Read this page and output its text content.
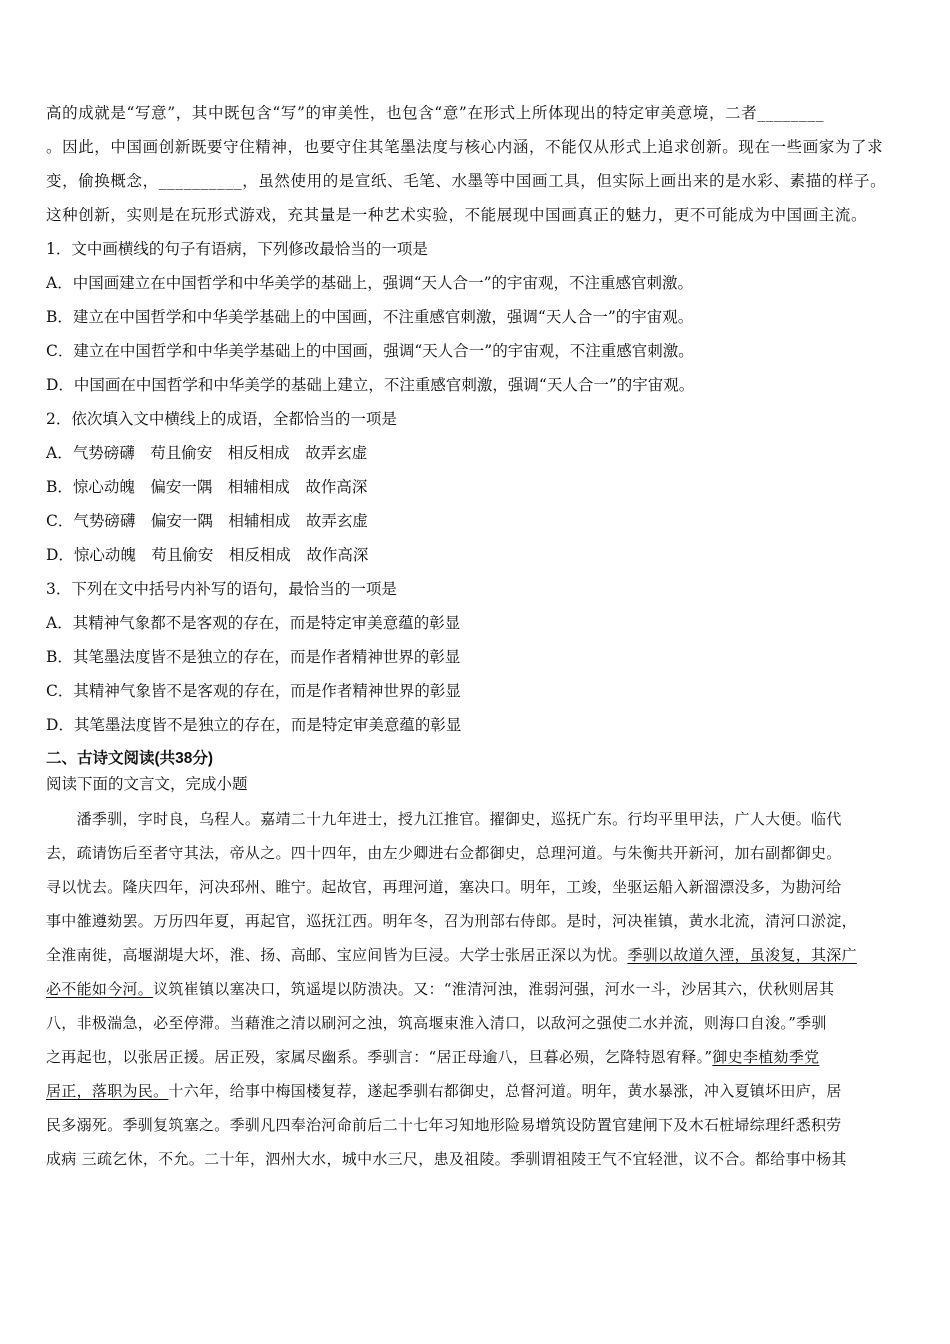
高的成就是“写意”，其中既包含“写”的审美性，也包含“意”在形式上所体现出的特定审美意境，二者________
。因此，中国画创新既要守住精神，也要守住其笔墨法度与核心内涵，不能仅从形式上追求创新。现在一些画家为了求
变，偷换概念，__________，虽然使用的是宣纸、毛笔、水墨等中国画工具，但实际上画出来的是水彩、素描的样子。
这种创新，实则是在玩形式游戏，充其量是一种艺术实验，不能展现中国画真正的魅力，更不可能成为中国画主流。
1．文中画横线的句子有语病，下列修改最恰当的一项是
A．中国画建立在中国哲学和中华美学的基础上，强调“天人合一”的宇宙观，不注重感官刺激。
B．建立在中国哲学和中华美学基础上的中国画，不注重感官刺激，强调“天人合一”的宇宙观。
C．建立在中国哲学和中华美学基础上的中国画，强调“天人合一”的宇宙观，不注重感官刺激。
D．中国画在中国哲学和中华美学的基础上建立，不注重感官刺激，强调“天人合一”的宇宙观。
2．依次填入文中横线上的成语，全都恰当的一项是
A．气势磅礴　苟且偷安　相反相成　故弄玄虚
B．惊心动魄　偏安一隅　相辅相成　故作高深
C．气势磅礴　偏安一隅　相辅相成　故弄玄虚
D．惊心动魄　苟且偷安　相反相成　故作高深
3．下列在文中括号内补写的语句，最恰当的一项是
A．其精神气象都不是客观的存在，而是特定审美意蕴的彰显
B．其笔墨法度皆不是独立的存在，而是作者精神世界的彰显
C．其精神气象皆不是客观的存在，而是作者精神世界的彰显
D．其笔墨法度皆不是独立的存在，而是特定审美意蕴的彰显
二、古诗文阅读(共38分)
阅读下面的文言文，完成小题
　　潘季驯，字时良，乌程人。嘉靖二十九年进士，授九江推官。擢御史，巡抚广东。行均平里甲法，广人大便。临代
去，疏请饬后至者守其法，帝从之。四十四年，由左少卿进右佥都御史，总理河道。与朱衡共开新河，加右副都御史。
寻以忧去。隆庆四年，河决邳州、睢宁。起故官，再理河道，塞决口。明年，工竣，坐驱运船入新溜漂没多，为勘河给
事中雒遵劾罢。万历四年夏，再起官，巡抚江西。明年冬，召为刑部右侍郎。是时，河决崔镇，黄水北流，清河口淤淀，
全淮南徙，高堰湖堤大坏，淮、扬、高邮、宝应间皆为巨浸。大学士张居正深以为忧。季驯以故道久湮，虽浚复，其深广
必不能如今河。议筑崔镇以塞决口，筑遥堤以防溃决。又：“淮清河浊，淮弱河强，河水一斗，沙居其六，伏秋则居其
八，非极湍急，必至停滞。当藉淮之清以刷河之浊，筑高堰束淮入清口，以敌河之强使二水并流，则海口自浚。”季驯
之再起也，以张居正援。居正殁，家属尽幽系。季驯言：“居正母逾八，旦暮必殒，乞降特恩宥释。”御史李植劾季党
居正，落职为民。十六年，给事中梅国楼复荐，遂起季驯右都御史，总督河道。明年，黄水暴涨，冲入夏镇坏田庐，居
民多溺死。季驯复筑塞之。季驯凡四奉治河命前后二十七年习知地形险易增筑设防置官建闸下及木石桩埽综理纤悉积劳
成病 三疏乞休，不允。二十年，泗州大水，城中水三尺，患及祖陵。季驯谓祖陵王气不宜轻泄，议不合。都给事中杨其
